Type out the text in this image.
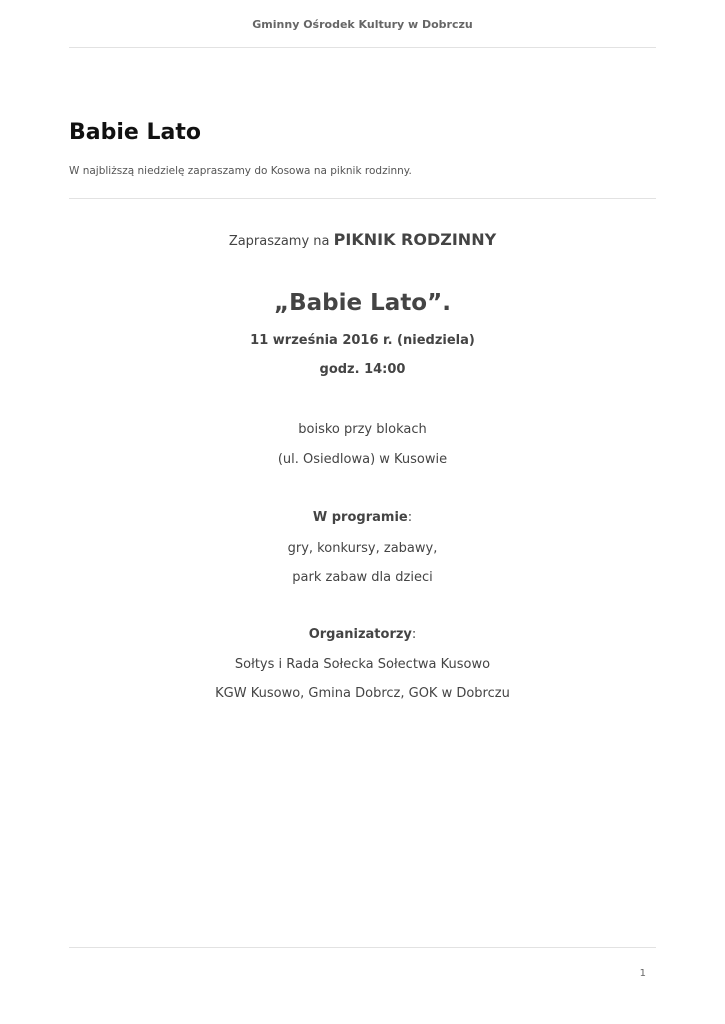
Gminny Ośrodek Kultury w Dobrczu
Babie Lato
W najbliższą niedzielę zapraszamy do Kosowa na piknik rodzinny.
Zapraszamy na PIKNIK RODZINNY
„Babie Lato”.
11 września 2016 r. (niedziela)
godz. 14:00
boisko przy blokach
(ul. Osiedlowa) w Kusowie
W programie:
gry, konkursy, zabawy,
park zabaw dla dzieci
Organizatorzy:
Sołtys i Rada Sołecka Sołectwa Kusowo
KGW Kusowo, Gmina Dobrcz, GOK w Dobrczu
1
